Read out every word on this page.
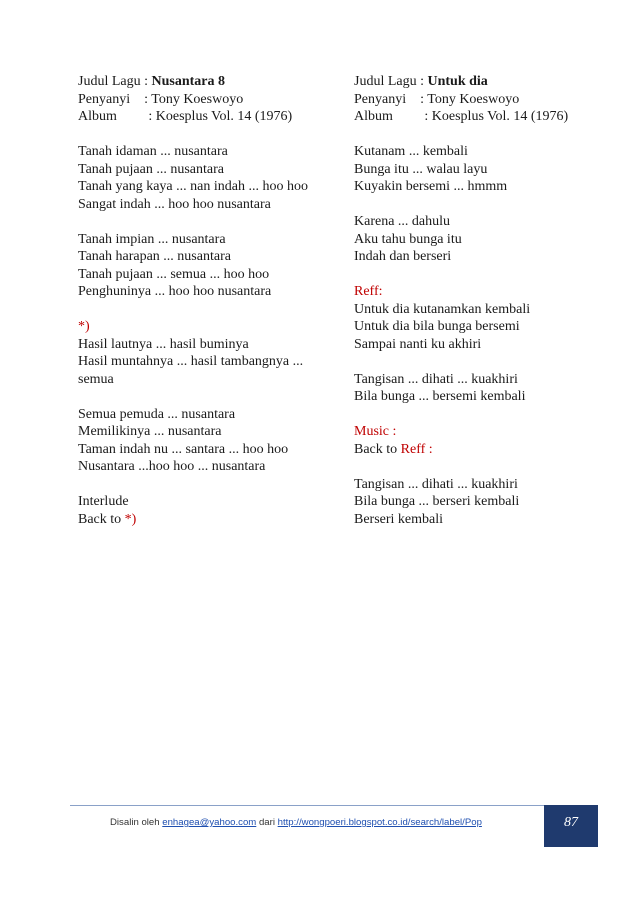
Judul Lagu : Nusantara 8
Penyanyi    : Tony Koeswoyo
Album         : Koesplus Vol. 14 (1976)
Tanah idaman ... nusantara
Tanah pujaan ... nusantara
Tanah yang kaya ... nan indah ... hoo hoo
Sangat indah ... hoo hoo nusantara
Tanah impian ... nusantara
Tanah harapan ... nusantara
Tanah pujaan ... semua ... hoo hoo
Penghuninya ... hoo hoo nusantara
*)
Hasil lautnya ... hasil buminya
Hasil muntahnya ... hasil tambangnya ... semua
Semua pemuda ... nusantara
Memilikinya ... nusantara
Taman indah nu ... santara ... hoo hoo
Nusantara ...hoo hoo ... nusantara
Interlude
Back to *)
Judul Lagu : Untuk dia
Penyanyi    : Tony Koeswoyo
Album         : Koesplus Vol. 14 (1976)
Kutanam ... kembali
Bunga itu ... walau layu
Kuyakin bersemi ... hmmm
Karena ... dahulu
Aku tahu bunga itu
Indah dan berseri
Reff:
Untuk dia kutanamkan kembali
Untuk dia bila bunga bersemi
Sampai nanti ku akhiri
Tangisan ... dihati ... kuakhiri
Bila bunga ... bersemi kembali
Music :
Back to Reff :
Tangisan ... dihati ... kuakhiri
Bila bunga ... berseri kembali
Berseri kembali
Disalin oleh enhagea@yahoo.com dari http://wongpoeri.blogspot.co.id/search/label/Pop	87
